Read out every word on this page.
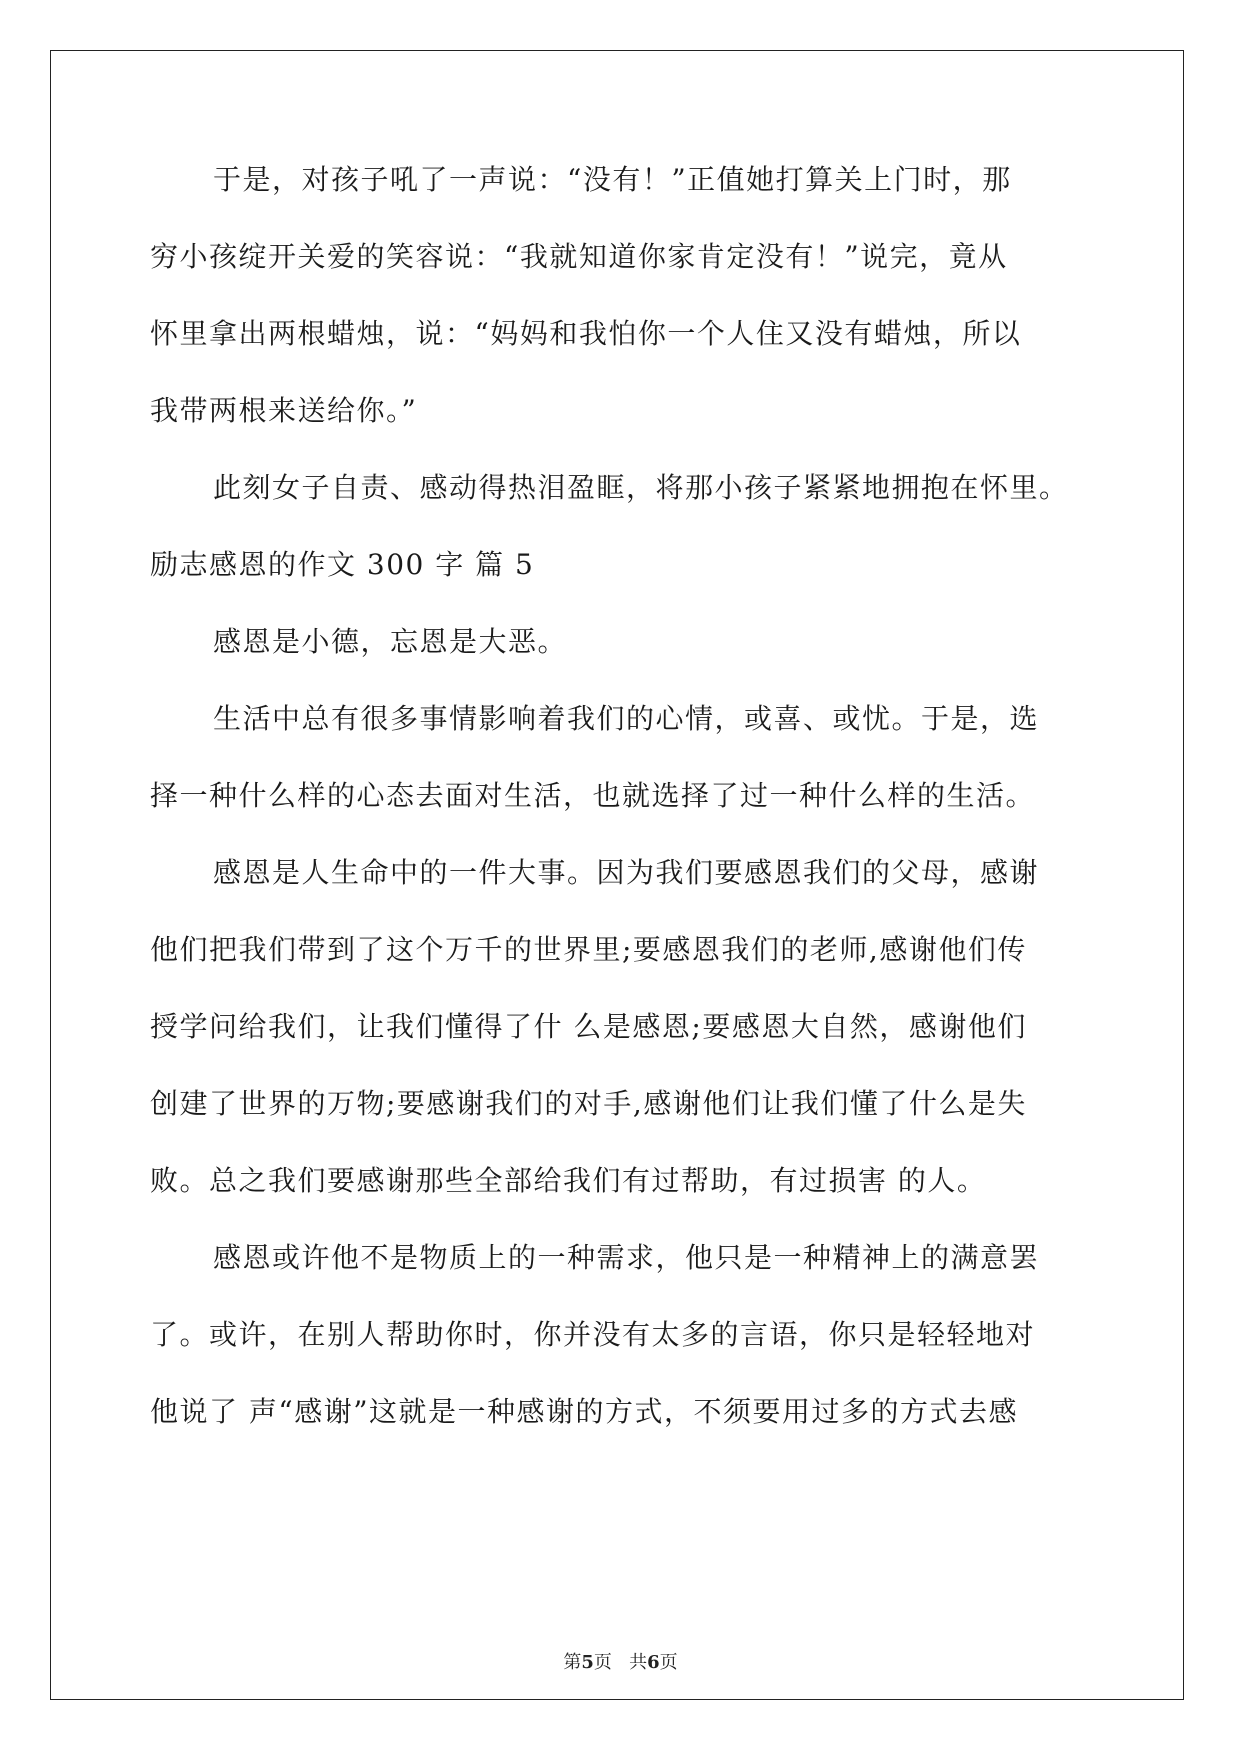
于是，对孩子吼了一声说：“没有！”正值她打算关上门时，那
穷小孩绽开关爱的笑容说：“我就知道你家肯定没有！”说完，竟从
怀里拿出两根蜡烛，说：“妈妈和我怕你一个人住又没有蜡烛，所以
我带两根来送给你。”
此刻女子自责、感动得热泪盈眶，将那小孩子紧紧地拥抱在怀里。
励志感恩的作文 300 字 篇 5
感恩是小德，忘恩是大恶。
生活中总有很多事情影响着我们的心情，或喜、或忧。于是，选
择一种什么样的心态去面对生活，也就选择了过一种什么样的生活。
感恩是人生命中的一件大事。因为我们要感恩我们的父母，感谢
他们把我们带到了这个万千的世界里;要感恩我们的老师,感谢他们传
授学问给我们，让我们懂得了什 么是感恩;要感恩大自然，感谢他们
创建了世界的万物;要感谢我们的对手,感谢他们让我们懂了什么是失
败。总之我们要感谢那些全部给我们有过帮助，有过损害 的人。
感恩或许他不是物质上的一种需求，他只是一种精神上的满意罢
了。或许，在别人帮助你时，你并没有太多的言语，你只是轻轻地对
他说了 声“感谢”这就是一种感谢的方式，不须要用过多的方式去感
第5页 共6页
